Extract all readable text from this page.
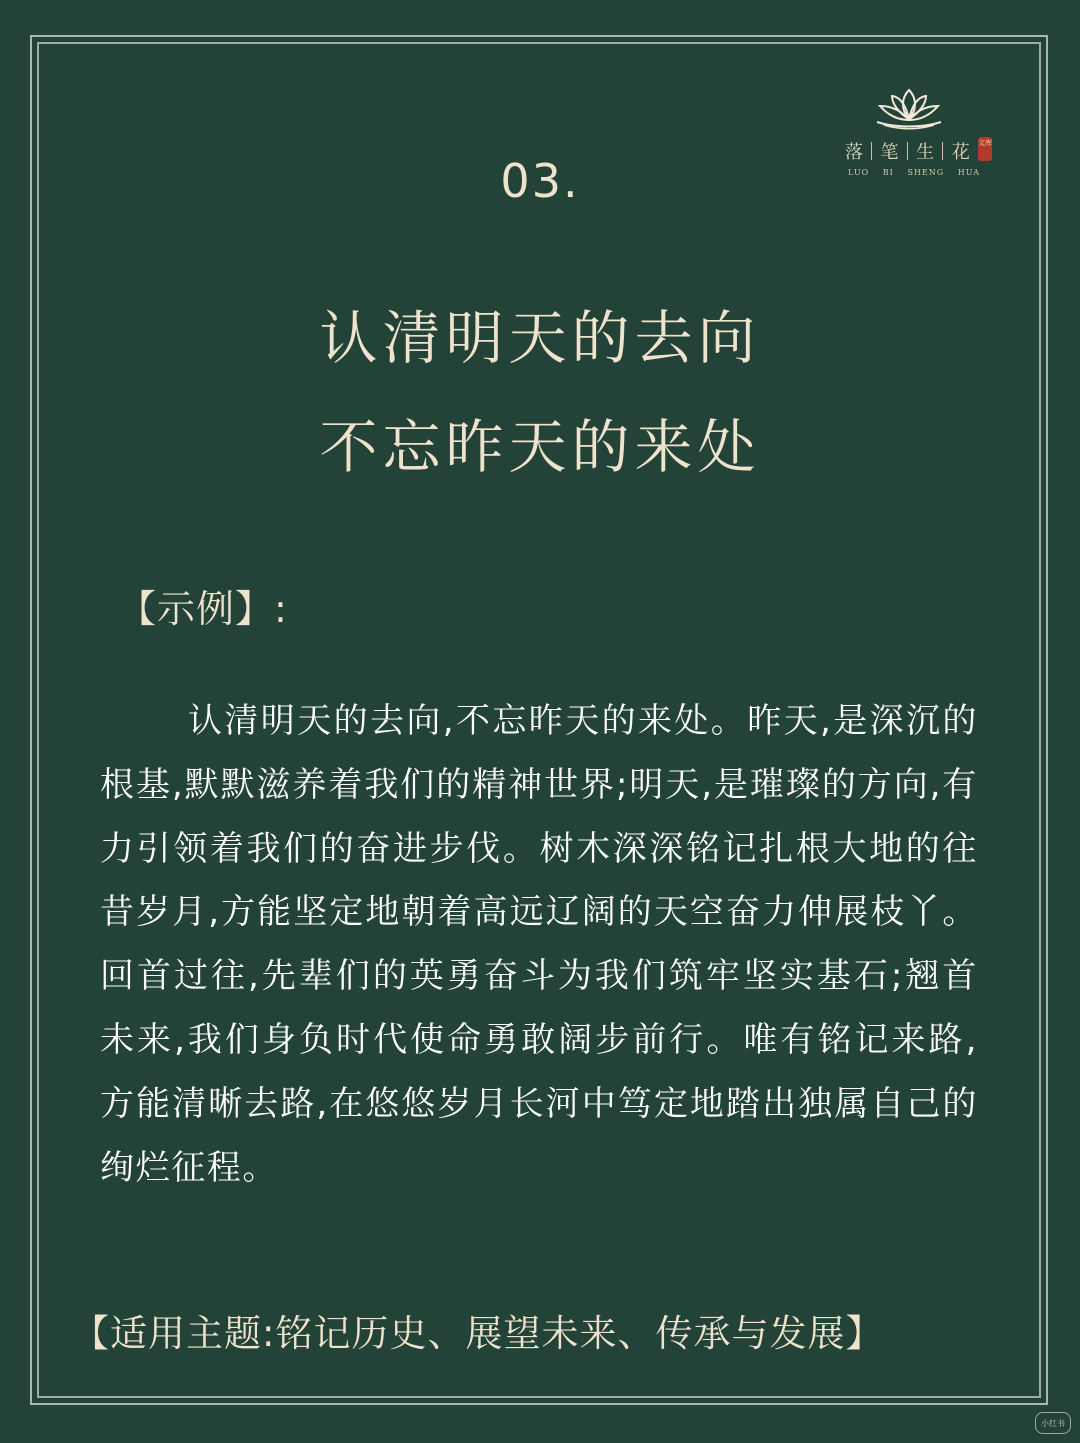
落 笔 生 花	文库
LUO BI SHENG HUA
03.
认清明天的去向
不忘昨天的来处
【示例】:

认清明天的去向,不忘昨天的来处。昨天,是深沉的根基,默默滋养着我们的精神世界;明天,是璀璨的方向,有力引领着我们的奋进步伐。树木深深铭记扎根大地的往昔岁月,方能坚定地朝着高远辽阔的天空奋力伸展枝丫。回首过往,先辈们的英勇奋斗为我们筑牢坚实基石;翘首未来,我们身负时代使命勇敢阔步前行。唯有铭记来路,方能清晰去路,在悠悠岁月长河中笃定地踏出独属自己的绚烂征程。

【适用主题:铭记历史、展望未来、传承与发展】
小红书
